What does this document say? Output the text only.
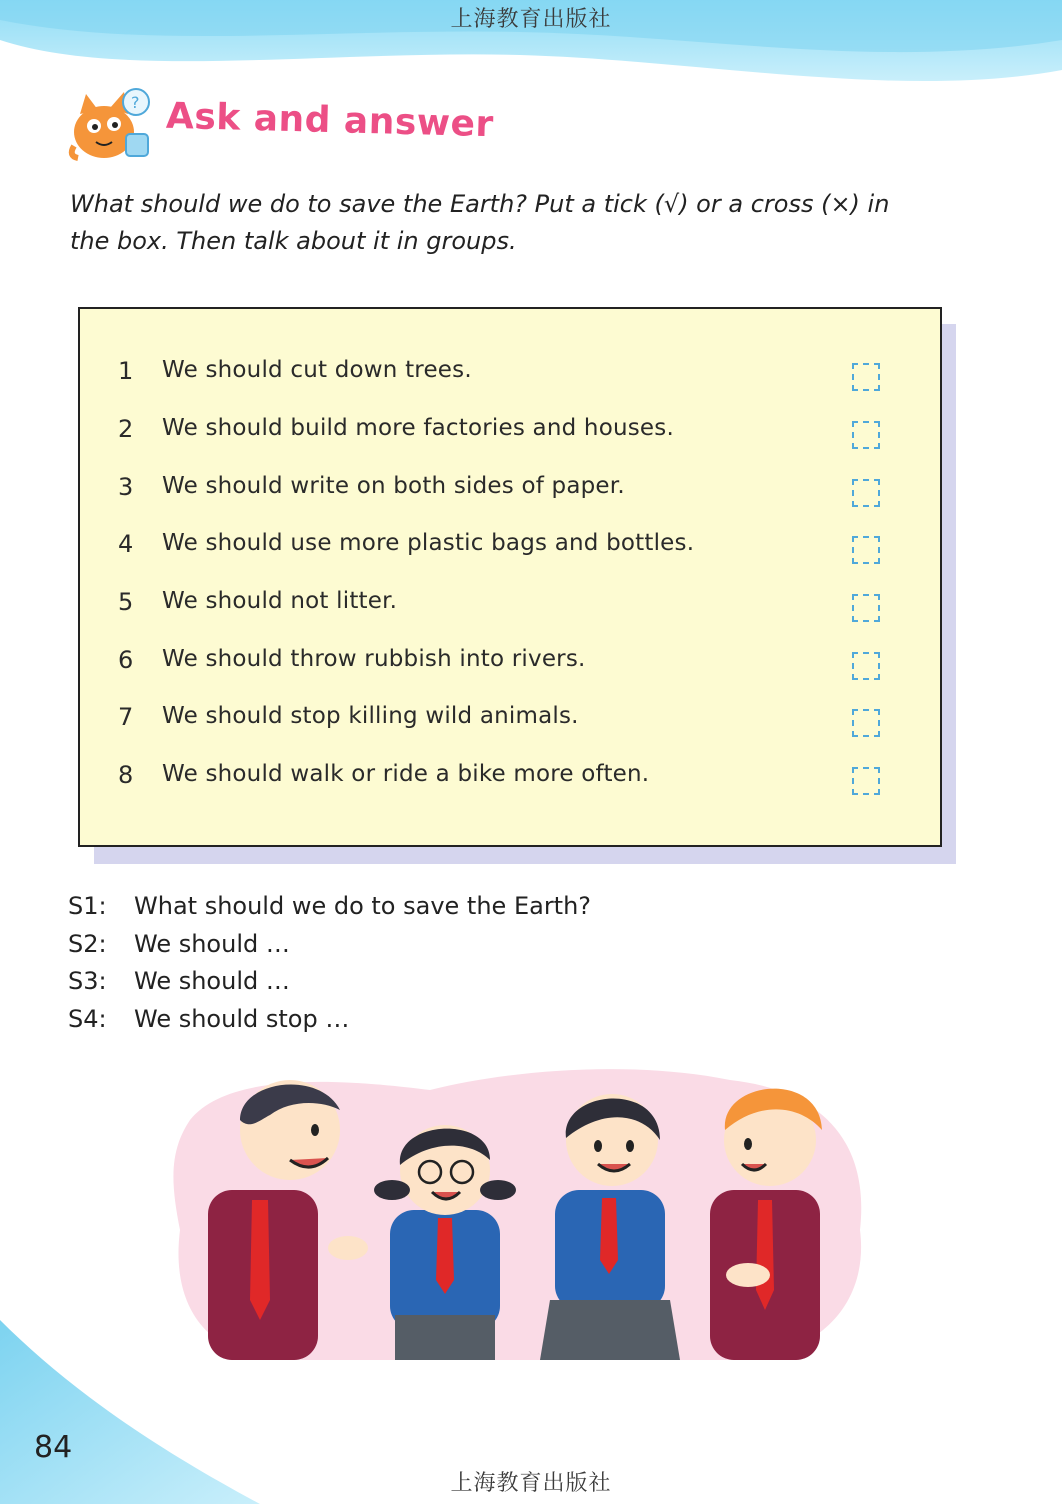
上海教育出版社
? Ask and answer
What should we do to save the Earth? Put a tick (√) or a cross (×) in
the box. Then talk about it in groups.
1 We should cut down trees.
2 We should build more factories and houses.
3 We should write on both sides of paper.
4 We should use more plastic bags and bottles.
5 We should not litter.
6 We should throw rubbish into rivers.
7 We should stop killing wild animals.
8 We should walk or ride a bike more often.
S1: What should we do to save the Earth?
S2: We should …
S3: We should …
S4: We should stop …
84
上海教育出版社
